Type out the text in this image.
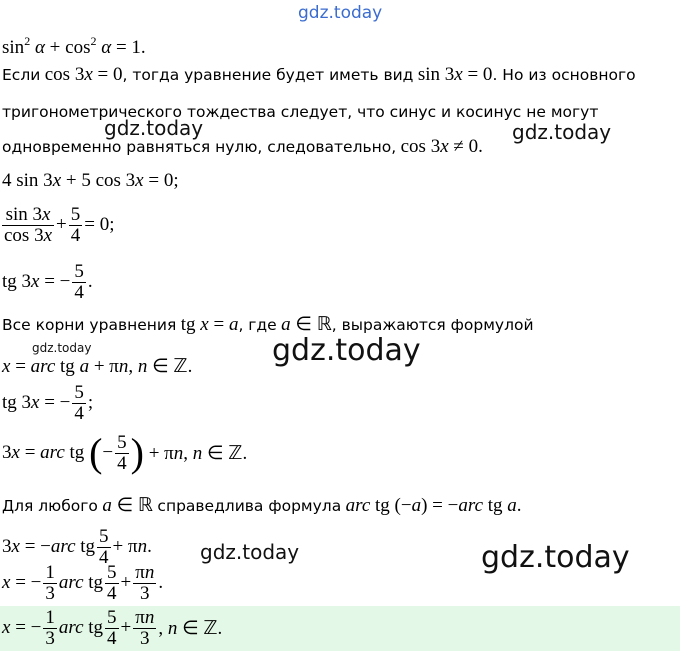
gdz.today
gdz.today	gdz.today
gdz.today	gdz.today
gdz.today	gdz.today
$\sin^2 \alpha + \cos^2 \alpha = 1$.
Если
cos 3x = 0 , тогда уравнение будет иметь вид
sin 3x = 0 . Но из основного
тригонометрического тождества следует, что синус и косинус не могут
одновременно равняться нулю, следовательно,
cos 3x ≠ 0.
4 sin 3x + 5 cos 3x = 0;
$\frac{\sin 3x}{\cos 3x} + \frac{5}{4} = 0$;
tg 3x = − $\frac{5}{4}$ .
Все корни уравнения
tg x = a , где
a ∈ ℝ , выражаются формулой
x = arc tg a + πn, n ∈ ℤ.
tg 3x = − $\frac{5}{4}$ ;
3x = arc tg ( − $\frac{5}{4}$ ) + πn, n ∈ ℤ.
Для любого
a ∈ ℝ
справедлива формула
arc tg (−a) = −arc tg a.
3x = −arc tg $\frac{5}{4} + \pi n$.
x = − $\frac{1}{3}$ arc tg $\frac{5}{4} + \frac{\pi n}{3}$ .
x = − $\frac{1}{3}$ arc tg $\frac{5}{4} + \frac{\pi n}{3}$ , n ∈ ℤ.
